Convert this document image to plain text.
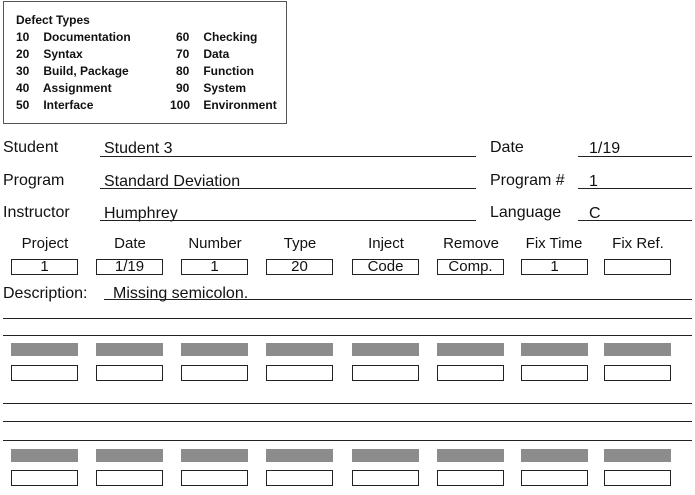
Defect Types
10 Documentation
20 Syntax
30 Build, Package
40 Assignment
50 Interface
60 Checking
70 Data
80 Function
90 System
100 Environment
Student	Student 3	Date	1/19
Program Standard Deviation	Program # 1
Instructor Humphrey	Language C
Project	Date	Number	Type	Inject	Remove	Fix Time	Fix Ref.
1	1/19	1	20	Code	Comp.	1
Description: Missing semicolon.
